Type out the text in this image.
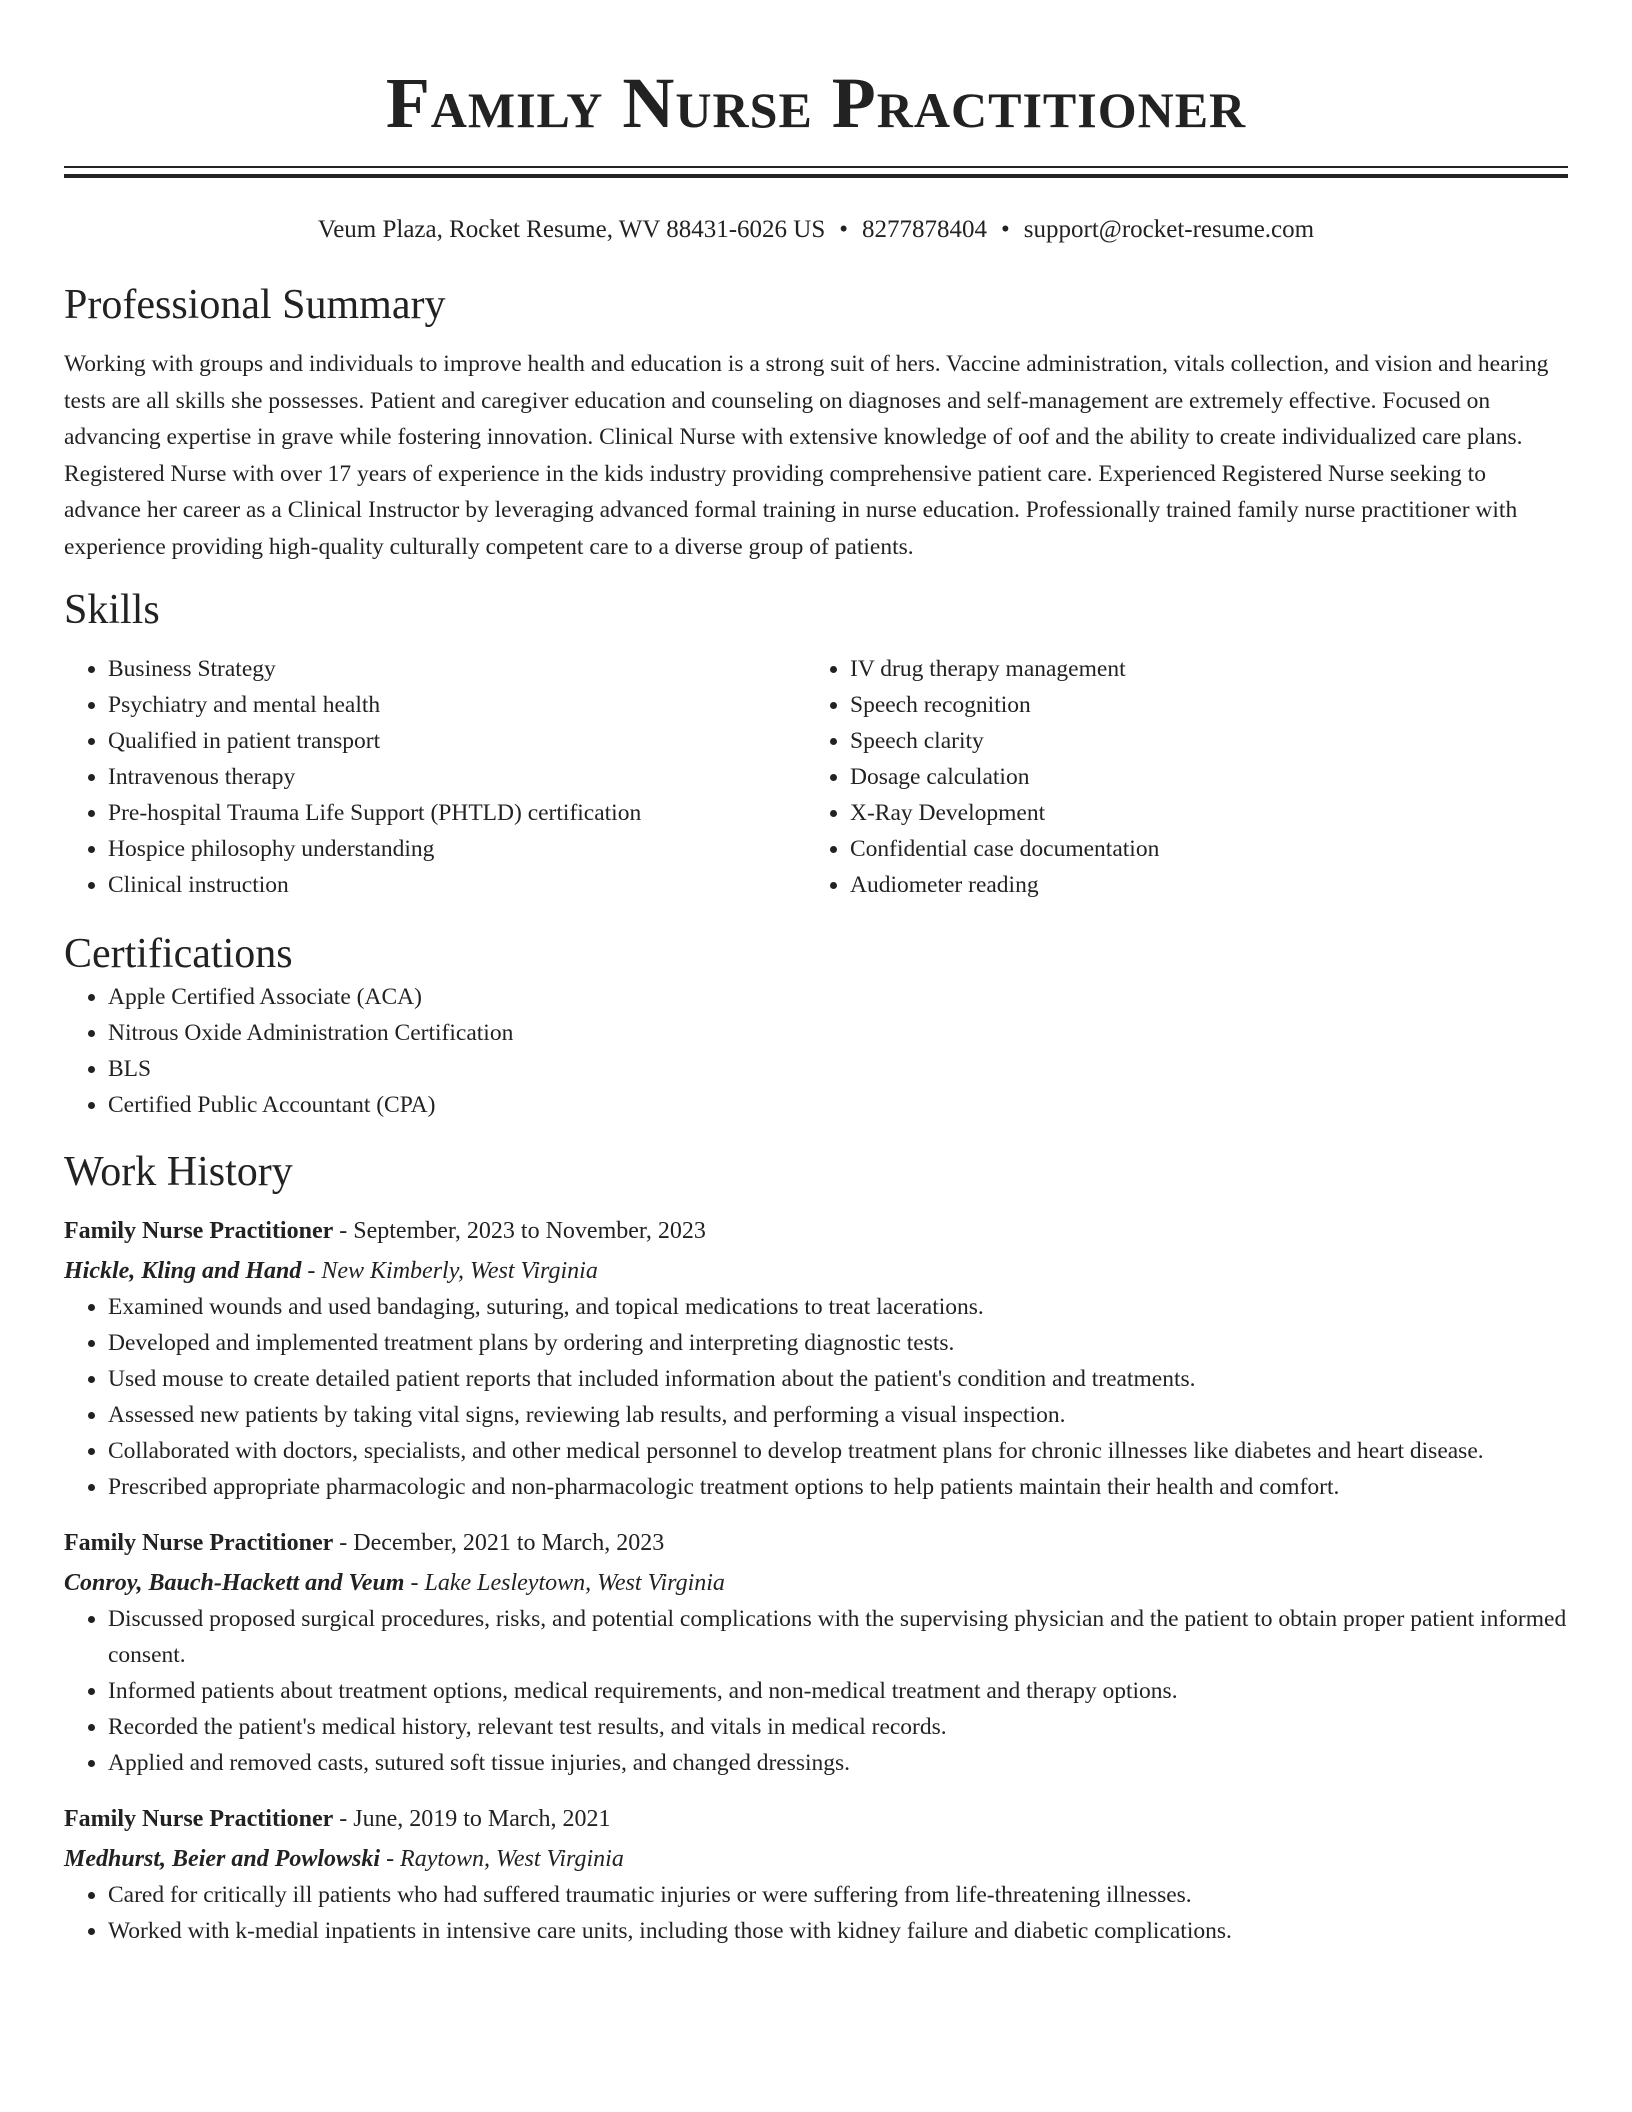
Family Nurse Practitioner
Veum Plaza, Rocket Resume, WV 88431-6026 US • 8277878404 • support@rocket-resume.com
Professional Summary

Working with groups and individuals to improve health and education is a strong suit of hers. Vaccine administration, vitals collection, and vision and hearing tests are all skills she possesses. Patient and caregiver education and counseling on diagnoses and self-management are extremely effective. Focused on advancing expertise in grave while fostering innovation. Clinical Nurse with extensive knowledge of oof and the ability to create individualized care plans. Registered Nurse with over 17 years of experience in the kids industry providing comprehensive patient care. Experienced Registered Nurse seeking to advance her career as a Clinical Instructor by leveraging advanced formal training in nurse education. Professionally trained family nurse practitioner with experience providing high-quality culturally competent care to a diverse group of patients.

Skills
• Business Strategy
• Psychiatry and mental health
• Qualified in patient transport
• Intravenous therapy
• Pre-hospital Trauma Life Support (PHTLD) certification
• Hospice philosophy understanding
• Clinical instruction
• IV drug therapy management
• Speech recognition
• Speech clarity
• Dosage calculation
• X-Ray Development
• Confidential case documentation
• Audiometer reading
Certifications
• Apple Certified Associate (ACA)
• Nitrous Oxide Administration Certification
• BLS
• Certified Public Accountant (CPA)
Work History
Family Nurse Practitioner - September, 2023 to November, 2023
Hickle, Kling and Hand - New Kimberly, West Virginia
• Examined wounds and used bandaging, suturing, and topical medications to treat lacerations.
• Developed and implemented treatment plans by ordering and interpreting diagnostic tests.
• Used mouse to create detailed patient reports that included information about the patient's condition and treatments.
• Assessed new patients by taking vital signs, reviewing lab results, and performing a visual inspection.
• Collaborated with doctors, specialists, and other medical personnel to develop treatment plans for chronic illnesses like diabetes and heart disease.
• Prescribed appropriate pharmacologic and non-pharmacologic treatment options to help patients maintain their health and comfort.
Family Nurse Practitioner - December, 2021 to March, 2023
Conroy, Bauch-Hackett and Veum - Lake Lesleytown, West Virginia
• Discussed proposed surgical procedures, risks, and potential complications with the supervising physician and the patient to obtain proper patient informed consent.
• Informed patients about treatment options, medical requirements, and non-medical treatment and therapy options.
• Recorded the patient's medical history, relevant test results, and vitals in medical records.
• Applied and removed casts, sutured soft tissue injuries, and changed dressings.
Family Nurse Practitioner - June, 2019 to March, 2021
Medhurst, Beier and Powlowski - Raytown, West Virginia
• Cared for critically ill patients who had suffered traumatic injuries or were suffering from life-threatening illnesses.
• Worked with k-medial inpatients in intensive care units, including those with kidney failure and diabetic complications.
